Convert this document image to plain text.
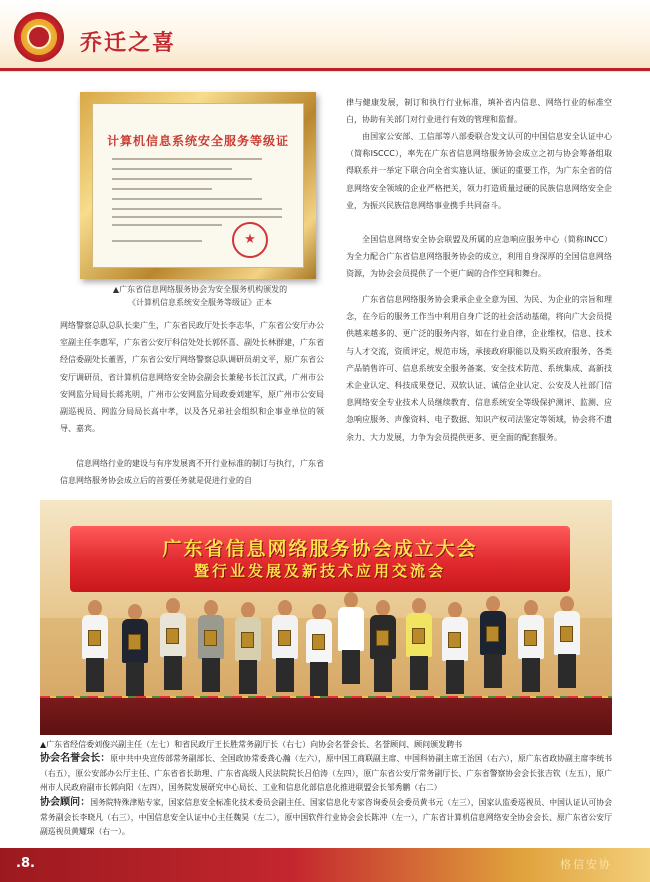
乔迁之喜
计算机信息系统安全服务等级证
★
▲广东省信息网络服务协会为安全服务机构颁发的
《计算机信息系统安全服务等级证》正本
网络警察总队总队长栾广生，广东省民政厅处长李志华，广东省公安厅办公室副主任李惠军，广东省公安厅科信处处长郭怀喜、副处长林群建，广东省经信委副处长董晋，广东省公安厅网络警察总队调研员胡文平，原广东省公安厅调研员、省计算机信息网络安全协会副会长兼秘书长江汉武，广州市公安网监分局局长蒋兆明，广州市公安网监分局政委刘建军，原广州市公安局副巡视员、网监分局局长高中孝，以及各兄弟社会组织和企事业单位的领导、嘉宾。
信息网络行业的建设与有序发展离不开行业标准的制订与执行，广东省信息网络服务协会成立后的首要任务就是促进行业的自
律与健康发展，制订和执行行业标准，填补省内信息、网络行业的标准空白，协助有关部门对行业进行有效的管理和监督。
由国家公安部、工信部等八部委联合发文认可的中国信息安全认证中心（简称ISCCC），率先在广东省信息网络服务协会成立之初与协会筹备组取得联系并一举定下联合向全省实施认证、颁证的重要工作，为广东全省的信息网络安全领域的企业严格把关，领力打造质量过硬的民族信息网络安全企业，为振兴民族信息网络事业携手共同奋斗。
全国信息网络安全协会联盟及所属的应急响应服务中心（简称INCC）为全力配合广东省信息网络服务协会的成立，利用自身深厚的全国信息网络资源，为协会会员提供了一个更广阔的合作空间和舞台。
广东省信息网络服务协会秉承企业全意为国、为民、为企业的宗旨和理念，在今后的服务工作当中利用自身广泛的社会活动基础，将向广大会员提供越来越多的、更广泛的服务内容，如在行业自律，企业维权，信息、技术与人才交流，资质评定，规范市场，承接政府职能以及购买政府服务、各类产品销售许可、信息系统安全服务备案、安全技术防范、系统集成、高新技术企业认定、科技成果登记、双软认证、诚信企业认定、公安及人社部门信息网络安全专业技术人员继续教育、信息系统安全等级保护测评、监测、应急响应服务、声像资料、电子数据、知识产权司法鉴定等领域，协会将不遗余力、大力发展，力争为会员提供更多、更全面的配套服务。
广东省信息网络服务协会成立大会
暨行业发展及新技术应用交流会
▲广东省经信委刘俊兴副主任（左七）和省民政厅王长胜常务副厅长（右七）向协会名誉会长、名誉顾问、顾问颁发聘书
协会名誉会长：原中共中央宣传部常务副部长、全国政协常委龚心瀚（左六），原中国工商联副主席、中国科协副主席王治国（右六），原广东省政协副主席李统书（右五），原公安部办公厅主任、广东省省长助理、广东省高级人民法院院长吕伯涛（左四），原广东省公安厅常务副厅长、广东省警察协会会长张吉钦（左五），原广州市人民政府副市长郭向阳（左四），国务院发展研究中心局长、工业和信息化部信息化推进联盟会长邹秀鹏（右二）
协会顾问：国务院特殊津贴专家，国家信息安全标准化技术委员会副主任、国家信息化专家咨询委员会委员黄书元（左三），国家认监委巡视员、中国认证认可协会常务副会长李晓凡（右三），中国信息安全认证中心主任魏昊（左二），原中国软件行业协会会长陈冲（左一），广东省计算机信息网络安全协会会长、原广东省公安厅副巡视员黄耀琛（右一）。
.8.	格信安协
